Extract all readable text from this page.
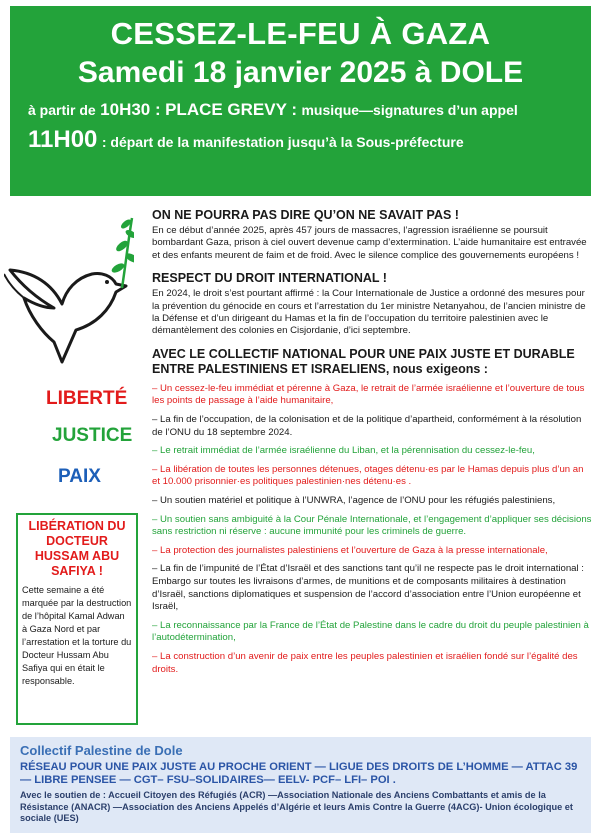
CESSEZ-LE-FEU À GAZA
Samedi 18 janvier 2025 à DOLE
à partir de 10H30 : PLACE GREVY : musique—signatures d’un appel
11H00 : départ de la manifestation jusqu’à la Sous-préfecture
LIBERTÉ
JUSTICE
PAIX
LIBÉRATION DU DOCTEUR HUSSAM ABU SAFIYA !
Cette semaine a été marquée par la destruction de l’hôpital Kamal Adwan à Gaza Nord et par l’arrestation et la torture du Docteur Hussam Abu Safiya qui en était le responsable.
ON NE POURRA PAS DIRE QU’ON NE SAVAIT PAS !
En ce début d’année 2025, après 457 jours de massacres, l’agression israélienne se poursuit bombardant Gaza, prison à ciel ouvert devenue camp d’extermination. L’aide humanitaire est entravée et des enfants meurent de faim et de froid. Avec le silence complice des gouvernements européens !
RESPECT DU DROIT INTERNATIONAL !
En 2024, le droit s’est pourtant affirmé : la Cour Internationale de Justice a ordonné des mesures pour la prévention du génocide en cours et l’arrestation du 1er ministre Netanyahou, de l’ancien ministre de la Défense et d’un dirigeant du Hamas et la fin de l’occupation du territoire palestinien avec le démantèlement des colonies en Cisjordanie, d’ici septembre.
AVEC LE COLLECTIF NATIONAL POUR UNE PAIX JUSTE ET DURABLE ENTRE PALESTINIENS ET ISRAELIENS, nous exigeons :
– Un cessez-le-feu immédiat et pérenne à Gaza, le retrait de l’armée israélienne et l’ouverture de tous les points de passage à l’aide humanitaire,
– La fin de l’occupation, de la colonisation et de la politique d’apartheid, conformément à la résolution de l’ONU du 18 septembre 2024.
– Le retrait immédiat de l’armée israélienne du Liban, et la pérennisation du cessez-le-feu,
– La libération de toutes les personnes détenues, otages détenu·es par le Hamas depuis plus d’un an et 10.000 prisonnier·es politiques palestinien·nes détenu·es .
– Un soutien matériel et politique à l’UNWRA, l’agence de l’ONU pour les réfugiés palestiniens,
– Un soutien sans ambiguité à la Cour Pénale Internationale, et l’engagement d’appliquer ses décisions sans restriction ni réserve : aucune immunité pour les criminels de guerre.
– La protection des journalistes palestiniens et l’ouverture de Gaza à la presse internationale,
– La fin de l’impunité de l’État d’Israël et des sanctions tant qu’il ne respecte pas le droit international : Embargo sur toutes les livraisons d’armes, de munitions et de composants militaires à destination d’Israël, sanctions diplomatiques et suspension de l’accord d’association entre l’Union européenne et Israël,
– La reconnaissance par la France de l’État de Palestine dans le cadre du droit du peuple palestinien à l’autodétermination,
– La construction d’un avenir de paix entre les peuples palestinien et israélien fondé sur l’égalité des droits.
Collectif Palestine de Dole
RÉSEAU POUR UNE PAIX JUSTE AU PROCHE ORIENT — LIGUE DES DROITS DE L’HOMME — ATTAC 39 — LIBRE PENSEE — CGT– FSU–SOLIDAIRES— EELV- PCF– LFI– POI .
Avec le soutien de : Accueil Citoyen des Réfugiés (ACR) —Association Nationale des Anciens Combattants et amis de la Résistance (ANACR) —Association des Anciens Appelés d’Algérie et leurs Amis Contre la Guerre (4ACG)- Union écologique et sociale (UES)
